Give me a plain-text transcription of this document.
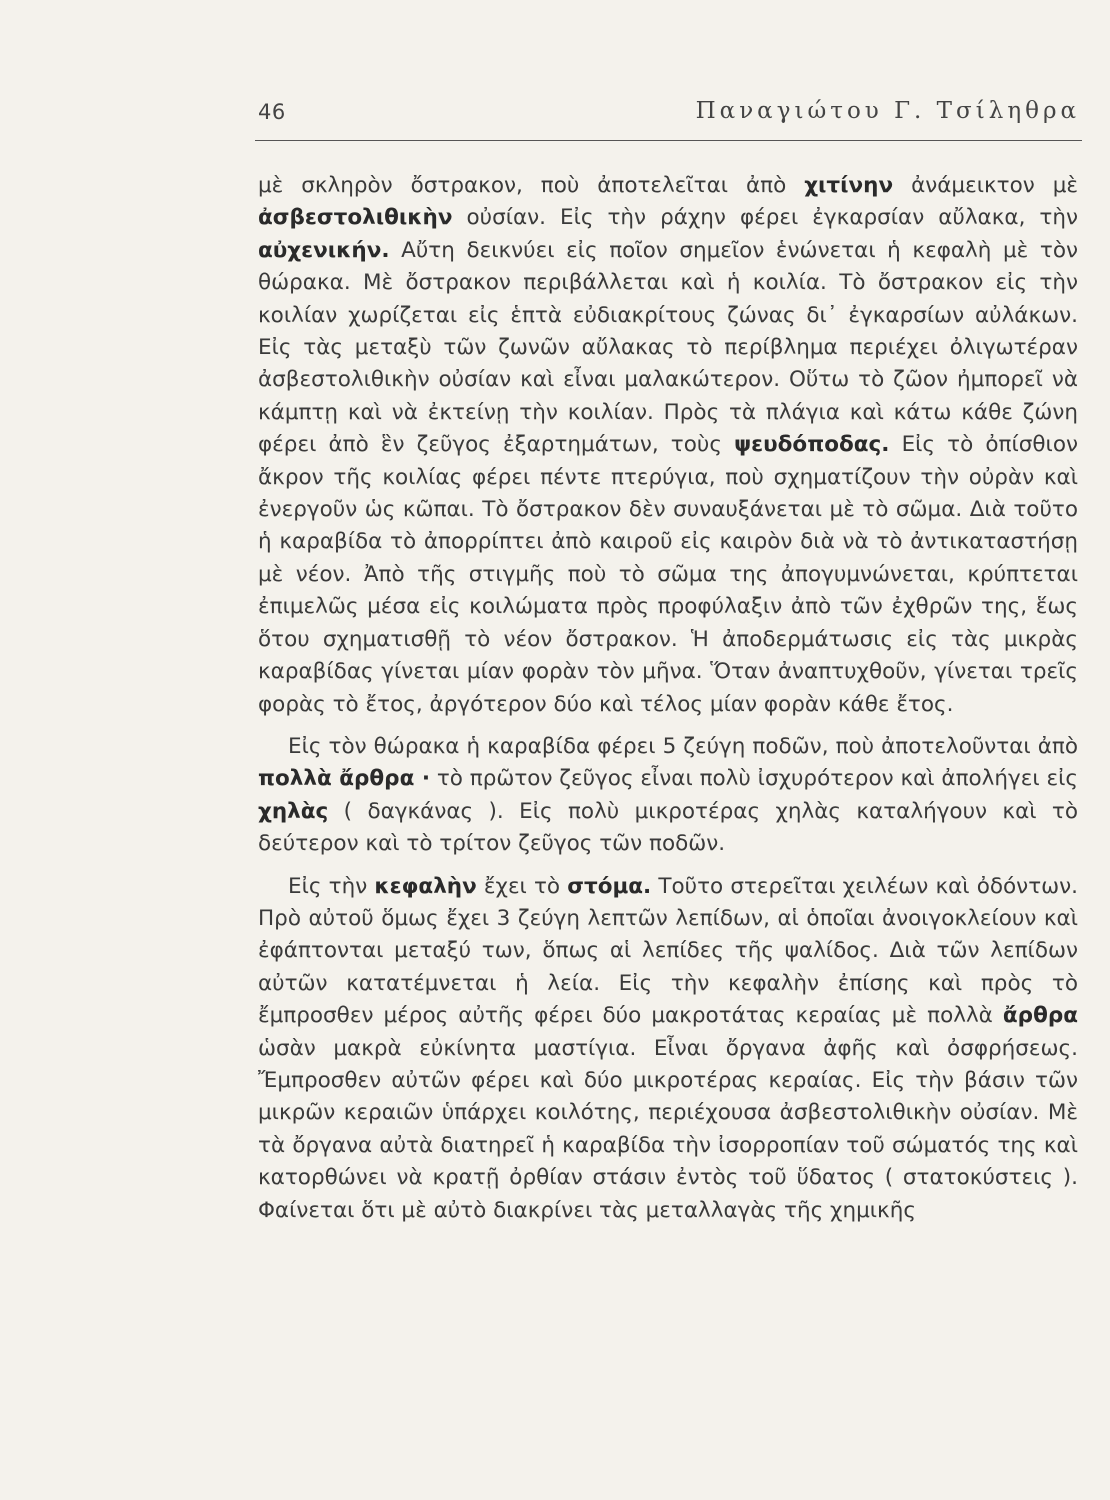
46	Παναγιώτου Γ. Τσίληθρα

μὲ σκληρὸν ὄστρακον, ποὺ ἀποτελεῖται ἀπὸ χιτίνην ἀνάμεικτον μὲ ἀσβεστολιθικὴν οὐσίαν. Εἰς τὴν ράχην φέρει ἐγκαρσίαν αὔλακα, τὴν αὐχενικήν. Αὔτη δεικνύει εἰς ποῖον σημεῖον ἑνώνεται ἡ κεφαλὴ μὲ τὸν θώρακα. Μὲ ὄστρακον περιβάλλεται καὶ ἡ κοιλία. Τὸ ὄστρακον εἰς τὴν κοιλίαν χωρίζεται εἰς ἑπτὰ εὐδιακρίτους ζώνας δι᾿ ἐγκαρσίων αὐλάκων. Εἰς τὰς μεταξὺ τῶν ζωνῶν αὔλακας τὸ περίβλημα περιέχει ὀλιγωτέραν ἀσβεστολιθικὴν οὐσίαν καὶ εἶναι μαλακώτερον. Οὕτω τὸ ζῶον ἠμπορεῖ νὰ κάμπτῃ καὶ νὰ ἐκτείνῃ τὴν κοιλίαν. Πρὸς τὰ πλάγια καὶ κάτω κάθε ζώνη φέρει ἀπὸ ἓν ζεῦγος ἐξαρτημάτων, τοὺς ψευδόποδας. Εἰς τὸ ὀπίσθιον ἄκρον τῆς κοιλίας φέρει πέντε πτερύγια, ποὺ σχηματίζουν τὴν οὐρὰν καὶ ἐνεργοῦν ὡς κῶπαι. Τὸ ὄστρακον δὲν συναυξάνεται μὲ τὸ σῶμα. Διὰ τοῦτο ἡ καραβίδα τὸ ἀπορρίπτει ἀπὸ καιροῦ εἰς καιρὸν διὰ νὰ τὸ ἀντικαταστήσῃ μὲ νέον. Ἀπὸ τῆς στιγμῆς ποὺ τὸ σῶμα της ἀπογυμνώνεται, κρύπτεται ἐπιμελῶς μέσα εἰς κοιλώματα πρὸς προφύλαξιν ἀπὸ τῶν ἐχθρῶν της, ἕως ὅτου σχηματισθῇ τὸ νέον ὄστρακον. Ἡ ἀποδερμάτωσις εἰς τὰς μικρὰς καραβίδας γίνεται μίαν φορὰν τὸν μῆνα. Ὅταν ἀναπτυχθοῦν, γίνεται τρεῖς φορὰς τὸ ἔτος, ἀργότερον δύο καὶ τέλος μίαν φορὰν κάθε ἔτος.

Εἰς τὸν θώρακα ἡ καραβίδα φέρει 5 ζεύγη ποδῶν, ποὺ ἀποτελοῦνται ἀπὸ πολλὰ ἄρθρα · τὸ πρῶτον ζεῦγος εἶναι πολὺ ἰσχυρότερον καὶ ἀπολήγει εἰς χηλὰς ( δαγκάνας ). Εἰς πολὺ μικροτέρας χηλὰς καταλήγουν καὶ τὸ δεύτερον καὶ τὸ τρίτον ζεῦγος τῶν ποδῶν.

Εἰς τὴν κεφαλὴν ἔχει τὸ στόμα. Τοῦτο στερεῖται χειλέων καὶ ὀδόντων. Πρὸ αὐτοῦ ὅμως ἔχει 3 ζεύγη λεπτῶν λεπίδων, αἱ ὁποῖαι ἀνοιγοκλείουν καὶ ἐφάπτονται μεταξύ των, ὅπως αἱ λεπίδες τῆς ψαλίδος. Διὰ τῶν λεπίδων αὐτῶν κατατέμνεται ἡ λεία. Εἰς τὴν κεφαλὴν ἐπίσης καὶ πρὸς τὸ ἔμπροσθεν μέρος αὐτῆς φέρει δύο μακροτάτας κεραίας μὲ πολλὰ ἄρθρα ὡσὰν μακρὰ εὐκίνητα μαστίγια. Εἶναι ὄργανα ἀφῆς καὶ ὀσφρήσεως. Ἔμπροσθεν αὐτῶν φέρει καὶ δύο μικροτέρας κεραίας. Εἰς τὴν βάσιν τῶν μικρῶν κεραιῶν ὑπάρχει κοιλότης, περιέχουσα ἀσβεστολιθικὴν οὐσίαν. Μὲ τὰ ὄργανα αὐτὰ διατηρεῖ ἡ καραβίδα τὴν ἰσορροπίαν τοῦ σώματός της καὶ κατορθώνει νὰ κρατῇ ὀρθίαν στάσιν ἐντὸς τοῦ ὕδατος ( στατοκύστεις ). Φαίνεται ὅτι μὲ αὐτὸ διακρίνει τὰς μεταλλαγὰς τῆς χημικῆς
